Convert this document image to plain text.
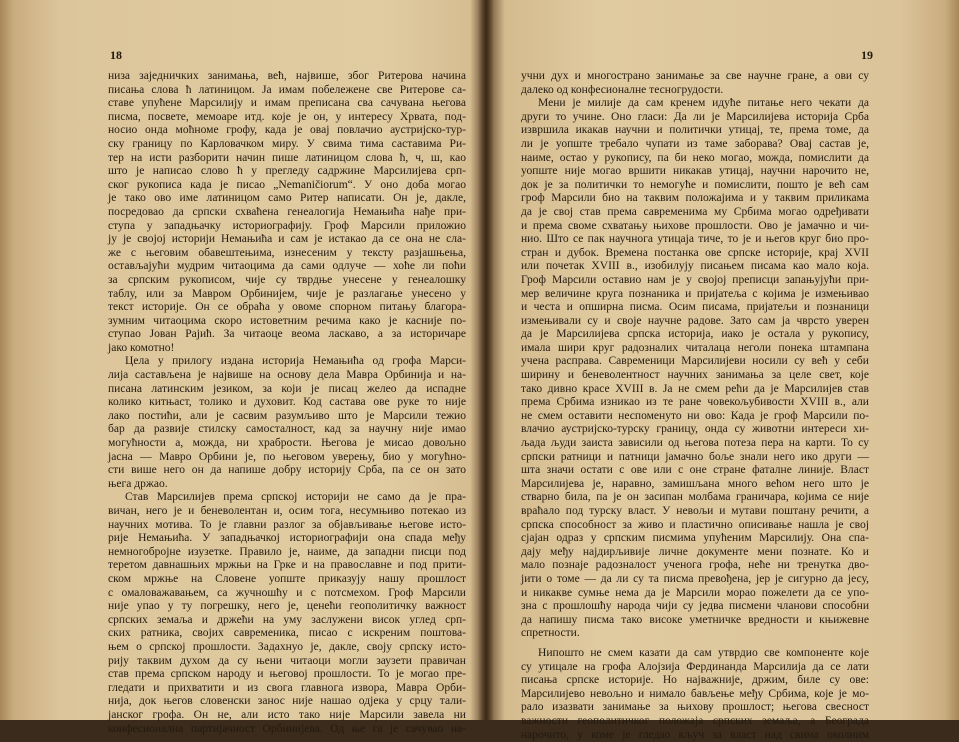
18
низа заједничких занимања, већ, највише, због Ритерова начина
писања слова ћ латиницом. Ја имам побележене све Ритерове са-
ставе упућене Марсилију и имам преписана сва сачувана његова
писма, посвете, мемоаре итд. које је он, у интересу Хрвата, под-
носио онда моћноме грофу, када је овај повлачио аустријско-тур-
ску границу по Карловачком миру. У свима тима саставима Ри-
тер на исти разборити начин пише латиницом слова ћ, ч, ш, као
што је написао слово ћ у прегледу садржине Марсилијева срп-
ског рукописа када је писао „Nemaničiorum“. У оно доба могао
је тако ово име латиницом само Ритер написати. Он је, дакле,
посредовао да српски схваћена генеалогија Немањића нађе при-
ступа у западњачку историографију. Гроф Марсили приложио
ју је својој историји Немањића и сам је истакао да се она не сла-
же с његовим обавештењима, изнесеним у тексту разјашњења,
остављајући мудрим читаоцима да сами одлуче — хоће ли поћи
за српским рукописом, чије су тврдње унесене у генеалошку
таблу, или за Мавром Орбинијем, чије је разлагање унесено у
текст историје. Он се обраћа у овоме спорном питању благора-
зумним читаоцима скоро истоветним речима како је касније по-
ступао Јован Рајић. За читаоце веома ласкаво, а за историчаре
јако комотно!
Цела у прилогу издана историја Немањића од грофа Марси-
лија састављена је највише на основу дела Мавра Орбинија и на-
писана латинским језиком, за који је писац желео да испадне
колико китњаст, толико и духовит. Код састава ове руке то није
лако постићи, али је сасвим разумљиво што је Марсили тежио
бар да развије стилску самосталност, кад за научну није имао
могућности а, можда, ни храбрости. Његова је мисао довољно
јасна — Мавро Орбини је, по његовом уверењу, био у могућно-
сти више него он да напише добру историју Срба, па се он зато
њега држао.
Став Марсилијев према српској историји не само да је пра-
вичан, него је и беневолентан и, осим тога, несумњиво потекао из
научних мотива. То је главни разлог за објављивање његове исто-
рије Немањића. У западњачкој историографији она спада међу
немногобројне изузетке. Правило је, наиме, да западни писци под
теретом давнашњих мржњи на Грке и на православне и под прити-
ском мржње на Словене уопште приказују нашу прошлост
с омаловажавањем, са жучношћу и с потсмехом. Гроф Марсили
није упао у ту погрешку, него је, ценећи геополитичку важност
српских земаља и држећи на уму заслужени висок углед срп-
ских ратника, својих савременика, писао с искреним поштова-
њем о српској прошлости. Задахнуо је, дакле, своју српску исто-
рију таквим духом да су њени читаоци могли заузети правичан
став према српском народу и његовој прошлости. То је могао пре-
гледати и прихватити и из свога главнога извора, Мавра Орби-
нија, док његов словенски занос није нашао одјека у срцу тали-
јанског грофа. Он не, али исто тако није Марсили завела ни
конфесионална партијачност Орбинијева. Од ње га је сачувао на-
19
учни дух и многострано занимање за све научне гране, а ови су
далеко од конфесионалне тесногрудости.
Мени је милије да сам кренем идуће питање него чекати да
други то учине. Оно гласи: Да ли је Марсилијева историја Срба
извршила икакав научни и политички утицај, те, према томе, да
ли је уопште требало чупати из таме заборава? Овај састав је,
наиме, остао у рукопису, па би неко могао, можда, помислити да
уопште није могао вршити никакав утицај, научни нарочито не,
док је за политички тο немогуће и помислити, пошто је већ сам
гроф Марсили био на таквим положајима и у таквим приликама
да је свој став према савременима му Србима могао одређивати
и према своме схватању њихове прошлости. Ово је јамачно и чи-
нио. Што се пак научнога утицаја тиче, то је и његов круг био про-
стран и дубок. Времена постанка ове српске историје, крај XVII
или почетак XVIII в., изобилују писањем писама као мало која.
Гроф Марсили оставио нам је у својој преписци запањујући при-
мер величине круга познаника и пријатеља с којима је измењивао
и честа и опширна писма. Осим писама, пријатељи и познаници
измењивали су и своје научне радове. Зато сам ја чврсто уверен
да је Марсилијева српска историја, иако је остала у рукопису,
имала шири круг радозналих читалаца неголи понека штампана
учена расправа. Савременици Марсилијеви носили су већ у себи
ширину и беневолентност научних занимања за целе свет, које
тако дивно красе XVIII в. Ја не смем рећи да је Марсилијев став
према Србима изникао из те ране човекољубивости XVIII в., али
не смем оставити неспоменуто ни ово: Када је гроф Марсили по-
влачио аустријско-турску границу, онда су животни интереси хи-
љада људи заиста зависили од његова потеза пера на карти. То су
српски ратници и патници јамачно боље знали него ико други —
шта значи остати с ове или с оне стране фаталне линије. Власт
Марсилијева је, наравно, замишљана много већом него што је
стварно била, па је он засипан молбама граничара, којима се није
враћало под турску власт. У невољи и мутави поштану речити, а
српска способност за живо и пластично описивање нашла је свој
сјајан одраз у српским писмима упућеним Марсилију. Она спа-
дају међу најдирљивије личне документе мени познате. Ко и
мало познаје радозналост ученога грофа, неће ни тренутка дво-
јити о томе — да ли су та писма превођена, јер је сигурно да јесу,
и никакве сумње нема да је Марсили морао пожелети да се упо-
зна с прошлошћу народа чији су једва писмени чланови способни
да напишу писма тако високе уметничке вредности и књижевне
спретности.
Нипошто не смем казати да сам утврдио све компоненте које
су утицале на грофа Алојзија Фердинанда Марсилија да се лати
писања српске историје. Но најважније, држим, биле су ове:
Марсилијево невољно и нимало бављење међу Србима, које је мо-
рало изазвати занимање за њихову прошлост; његова свесност
важности геополитичког положаја српских земаља, а Београда
нарочито, у коме је гледао кључ за власт над свима околним
